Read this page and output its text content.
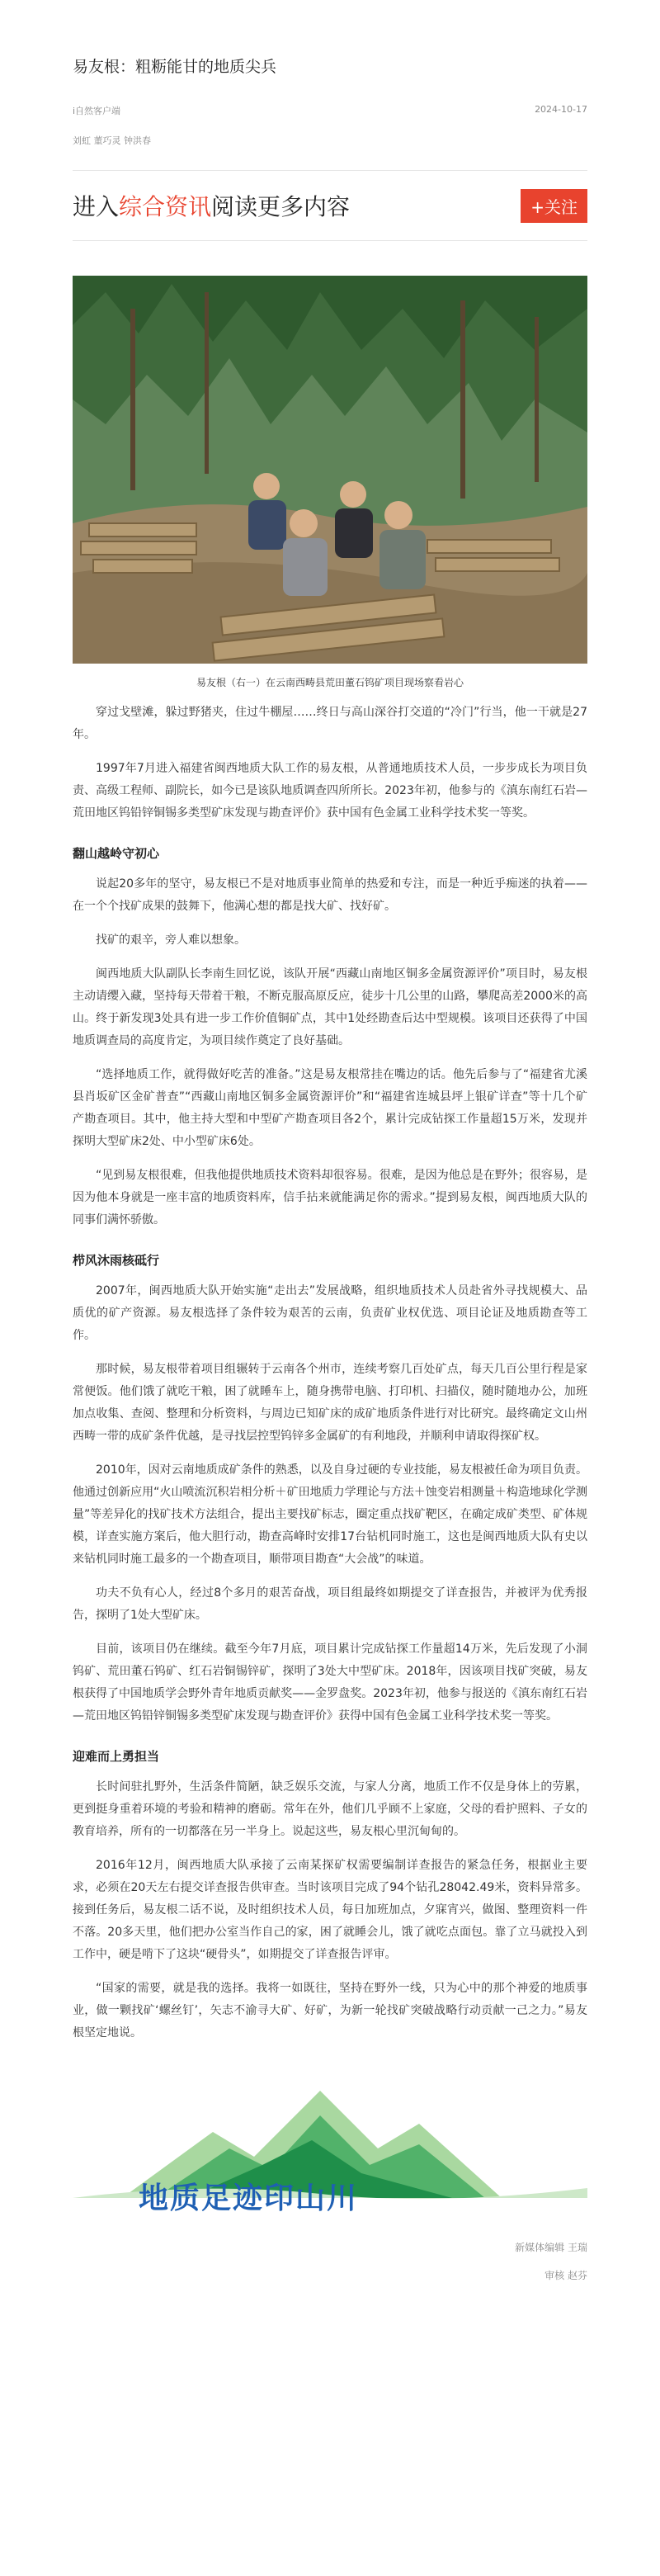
易友根：粗粝能甘的地质尖兵
i自然客户端	2024-10-17
刘虹 董巧灵 钟洪春
进入综合资讯阅读更多内容	+关注
易友根（右一）在云南西畴县荒田董石钨矿项目现场察看岩心

穿过戈壁滩，躲过野猪夹，住过牛棚屋……终日与高山深谷打交道的“冷门”行当，他一干就是27年。

1997年7月进入福建省闽西地质大队工作的易友根，从普通地质技术人员，一步步成长为项目负责、高级工程师、副院长，如今已是该队地质调查四所所长。2023年初，他参与的《滇东南红石岩—荒田地区钨铅锌铜锡多类型矿床发现与勘查评价》获中国有色金属工业科学技术奖一等奖。

翻山越岭守初心

说起20多年的坚守，易友根已不是对地质事业简单的热爱和专注，而是一种近乎痴迷的执着——在一个个找矿成果的鼓舞下，他满心想的都是找大矿、找好矿。

找矿的艰辛，旁人难以想象。

闽西地质大队副队长李南生回忆说，该队开展“西藏山南地区铜多金属资源评价”项目时，易友根主动请缨入藏，坚持每天带着干粮，不断克服高原反应，徒步十几公里的山路，攀爬高差2000米的高山。终于新发现3处具有进一步工作价值铜矿点，其中1处经勘查后达中型规模。该项目还获得了中国地质调查局的高度肯定，为项目续作奠定了良好基础。

“选择地质工作，就得做好吃苦的准备。”这是易友根常挂在嘴边的话。他先后参与了“福建省尤溪县肖坂矿区金矿普查”“西藏山南地区铜多金属资源评价”和“福建省连城县坪上银矿详查”等十几个矿产勘查项目。其中，他主持大型和中型矿产勘查项目各2个，累计完成钻探工作量超15万米，发现并探明大型矿床2处、中小型矿床6处。

“见到易友根很难，但我他提供地质技术资料却很容易。很难，是因为他总是在野外；很容易，是因为他本身就是一座丰富的地质资料库，信手拈来就能满足你的需求。”提到易友根，闽西地质大队的同事们满怀骄傲。

栉风沐雨核砥行

2007年，闽西地质大队开始实施“走出去”发展战略，组织地质技术人员赴省外寻找规模大、品质优的矿产资源。易友根选择了条件较为艰苦的云南，负责矿业权优选、项目论证及地质勘查等工作。

那时候，易友根带着项目组辗转于云南各个州市，连续考察几百处矿点，每天几百公里行程是家常便饭。他们饿了就吃干粮，困了就睡车上，随身携带电脑、打印机、扫描仪，随时随地办公，加班加点收集、查阅、整理和分析资料，与周边已知矿床的成矿地质条件进行对比研究。最终确定文山州西畴一带的成矿条件优越，是寻找层控型钨锌多金属矿的有利地段，并顺利申请取得探矿权。

2010年，因对云南地质成矿条件的熟悉，以及自身过硬的专业技能，易友根被任命为项目负责。他通过创新应用“火山喷流沉积岩相分析＋矿田地质力学理论与方法＋蚀变岩相测量＋构造地球化学测量”等差异化的找矿技术方法组合，提出主要找矿标志，圈定重点找矿靶区，在确定成矿类型、矿体规模，详查实施方案后，他大胆行动，勘查高峰时安排17台钻机同时施工，这也是闽西地质大队有史以来钻机同时施工最多的一个勘查项目，顺带项目勘查“大会战”的味道。

功夫不负有心人，经过8个多月的艰苦奋战，项目组最终如期提交了详查报告，并被评为优秀报告，探明了1处大型矿床。

目前，该项目仍在继续。截至今年7月底，项目累计完成钻探工作量超14万米，先后发现了小洞钨矿、荒田董石钨矿、红石岩铜锡锌矿，探明了3处大中型矿床。2018年，因该项目找矿突破，易友根获得了中国地质学会野外青年地质贡献奖——金罗盘奖。2023年初，他参与报送的《滇东南红石岩—荒田地区钨铅锌铜锡多类型矿床发现与勘查评价》获得中国有色金属工业科学技术奖一等奖。

迎难而上勇担当

长时间驻扎野外，生活条件简陋，缺乏娱乐交流，与家人分离，地质工作不仅是身体上的劳累，更到挺身重着环境的考验和精神的磨砺。常年在外，他们几乎顾不上家庭，父母的看护照料、子女的教育培养，所有的一切都落在另一半身上。说起这些，易友根心里沉甸甸的。

2016年12月，闽西地质大队承接了云南某探矿权需要编制详查报告的紧急任务，根据业主要求，必须在20天左右提交详查报告供审查。当时该项目完成了94个钻孔28042.49米，资料异常多。接到任务后，易友根二话不说，及时组织技术人员，每日加班加点，夕寐宵兴，做图、整理资料一件不落。20多天里，他们把办公室当作自己的家，困了就睡会儿，饿了就吃点面包。靠了立马就投入到工作中，硬是啃下了这块“硬骨头”，如期提交了详查报告评审。

“国家的需要，就是我的选择。我将一如既往，坚持在野外一线，只为心中的那个神爱的地质事业，做一颗找矿‘螺丝钉’，矢志不渝寻大矿、好矿，为新一轮找矿突破战略行动贡献一己之力。”易友根坚定地说。

地质足迹印山川
新媒体编辑 王瑞
审核 赵芬
